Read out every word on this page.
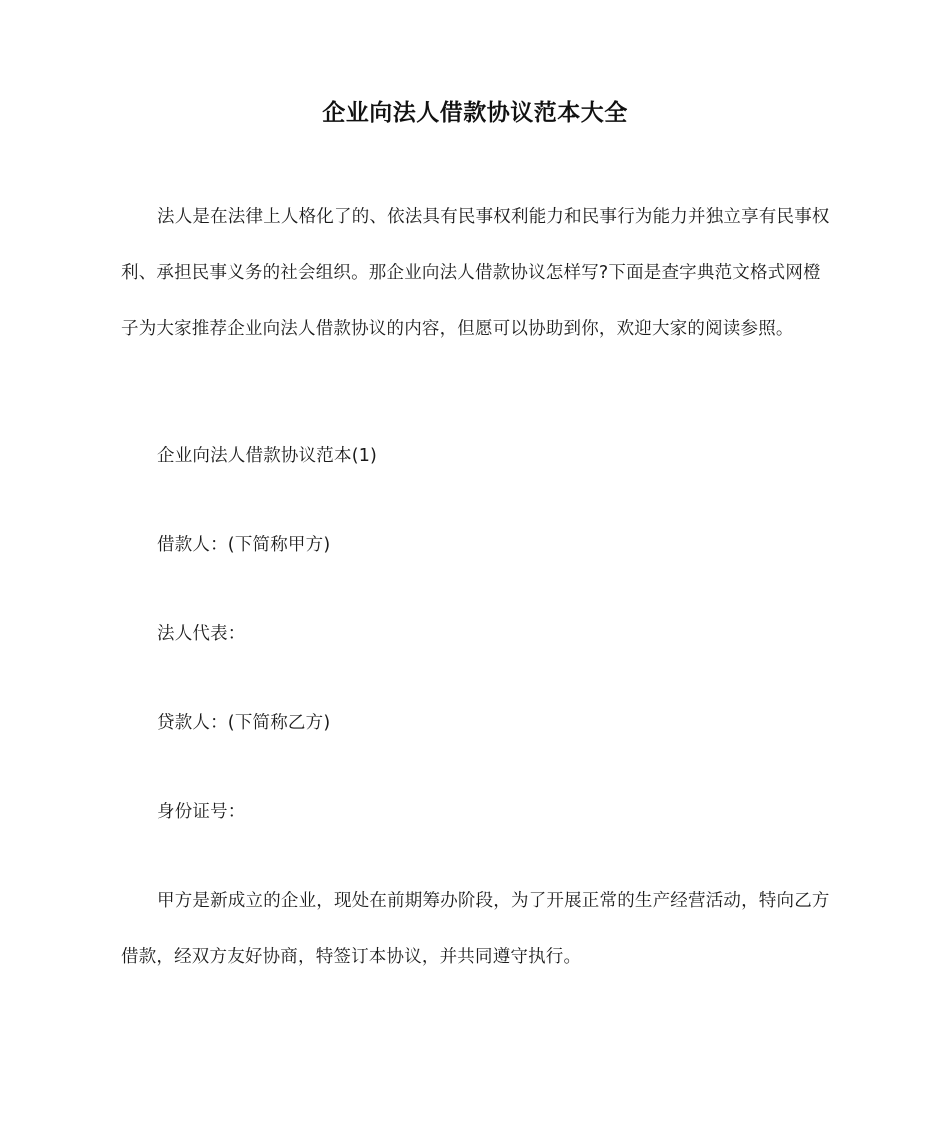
企业向法人借款协议范本大全
法人是在法律上人格化了的、依法具有民事权利能力和民事行为能力并独立享有民事权利、承担民事义务的社会组织。那企业向法人借款协议怎样写?下面是查字典范文格式网橙子为大家推荐企业向法人借款协议的内容，但愿可以协助到你，欢迎大家的阅读参照。
企业向法人借款协议范本(1)
借款人：(下简称甲方)
法人代表：
贷款人：(下简称乙方)
身份证号：
甲方是新成立的企业，现处在前期筹办阶段，为了开展正常的生产经营活动，特向乙方借款，经双方友好协商，特签订本协议，并共同遵守执行。
